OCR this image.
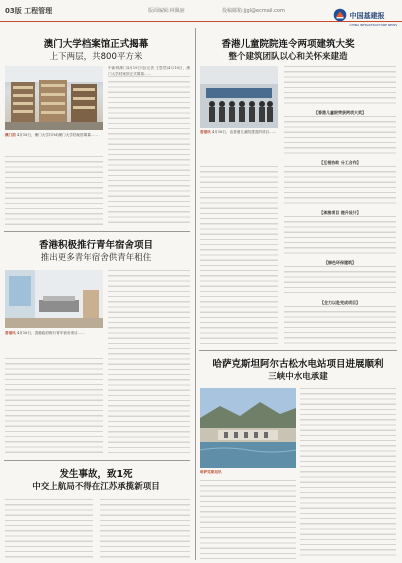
03版 工程管理	版面编辑:林佩丽	投稿邮箱:jjgl@ecmail.com
中国基建报
CHINA INFRASTRUCTURE NEWS
澳门大学档案馆正式揭幕
上下两层，共800平方米
澳门消 4月18日，澳门大学(UM)澳门大学档案馆揭幕……
中新网澳门4月19日电(记者 王思然)4月18日，澳门大学档案馆正式揭幕……
香港积极推行青年宿舍项目
推出更多青年宿舍供青年租住
香港讯 4月16日，香港政府推行青年宿舍项目……
发生事故，致1死
中交上航局不得在江苏承揽新项目
香港儿童院院连令两项建筑大奖
整个建筑团队以心和关怀来建造
香港讯 4月16日，由香港儿童院建造的项目……
【香港儿童院荣获两项大奖】
【互相协助 分工合作】
【承接项目 提升设计】
【绿色环保建筑】
【全力以赴完成项目】
哈萨克斯坦阿尔古松水电站项目进展顺利
三峡中水电承建
哈萨克斯坦讯
